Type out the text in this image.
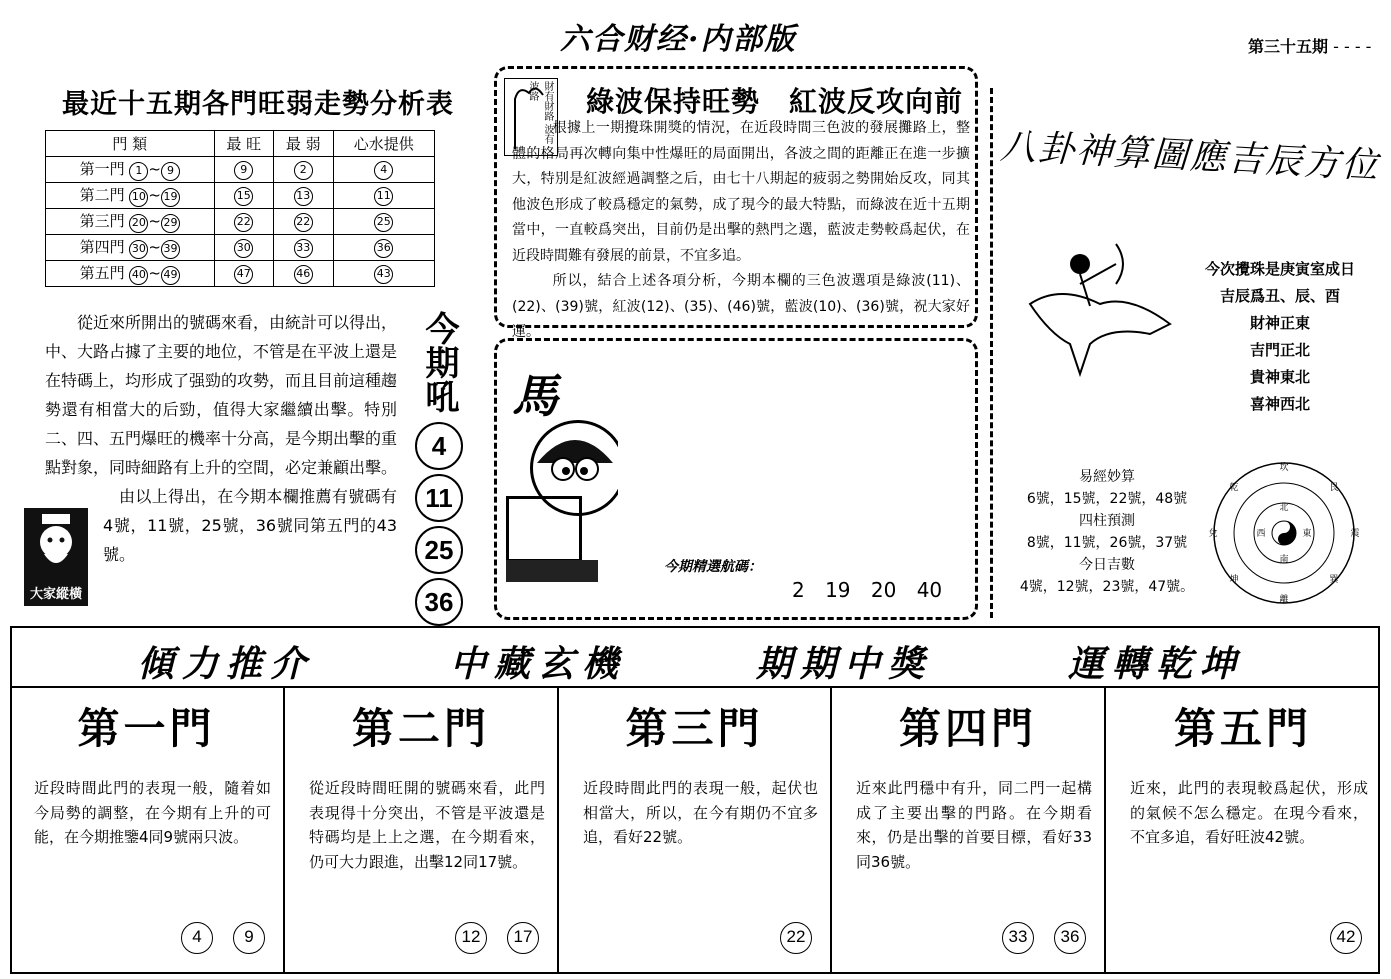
六合财经·内部版	第三十五期 - - - -
最近十五期各門旺弱走勢分析表
門 類	最 旺	最 弱	心水提供
第一門 1 ~ 9	9	2	4
第二門 10 ~ 19	15	13	11
第三門 20 ~ 29	22	22	25
第四門 30 ~ 39	30	33	36
第五門 40 ~ 49	47	46	43

從近來所開出的號碼來看，由統計可以得出，中、大路占據了主要的地位，不管是在平波上還是在特碼上，均形成了强勁的攻勢，而且目前這種趨勢還有相當大的后勁，值得大家繼續出擊。特別二、四、五門爆旺的機率十分高，是今期出擊的重點對象，同時細路有上升的空間，必定兼顧出擊。

由以上得出，在今期本欄推薦有號碼有4號，11號，25號，36號同第五門的43號。

大家縱橫
今期吼
4 11 25 36
財有財路 波有波路	綠波保持旺勢　紅波反攻向前

根據上一期攪珠開獎的情況，在近段時間三色波的發展攤路上，整體的格局再次轉向集中性爆旺的局面開出，各波之間的距離正在進一步擴大，特別是紅波經過調整之后，由七十八期起的疲弱之勢開始反攻，同其他波色形成了較爲穩定的氣勢，成了現今的最大特點，而綠波在近十五期當中，一直較爲突出，目前仍是出擊的熱門之選，藍波走勢較爲起伏，在近段時間難有發展的前景，不宜多追。

所以，結合上述各項分析，今期本欄的三色波選項是綠波(11)、(22)、(39)號，紅波(12)、(35)、(46)號，藍波(10)、(36)號，祝大家好運。

馬
今期精選航碼：
2 19 20 40
八卦神算圖應吉辰方位
今次攪珠是庚寅室成日
吉辰爲丑、辰、酉
財神正東
吉門正北
貴神東北
喜神西北
易經妙算
6號，15號，22號，48號
四柱預測
8號，11號，26號，37號
今日吉數
4號，12號，23號，47號。
坎
艮
震
巽
離
坤
兌
乾
北
東
南
西
傾力推介	中藏玄機	期期中獎	運轉乾坤
第一門
近段時間此門的表現一般，隨着如今局勢的調整，在今期有上升的可能，在今期推鑒4同9號兩只波。
4	9
第二門
從近段時間旺開的號碼來看，此門表現得十分突出，不管是平波還是特碼均是上上之選，在今期看來，仍可大力跟進，出擊12同17號。
12 17
第三門
近段時間此門的表現一般，起伏也相當大，所以，在今有期仍不宜多追，看好22號。
22
第四門
近來此門穩中有升，同二門一起構成了主要出擊的門路。在今期看來，仍是出擊的首要目標，看好33同36號。
33 36
第五門
近來，此門的表現較爲起伏，形成的氣候不怎么穩定。在現今看來，不宜多追，看好旺波42號。
42
